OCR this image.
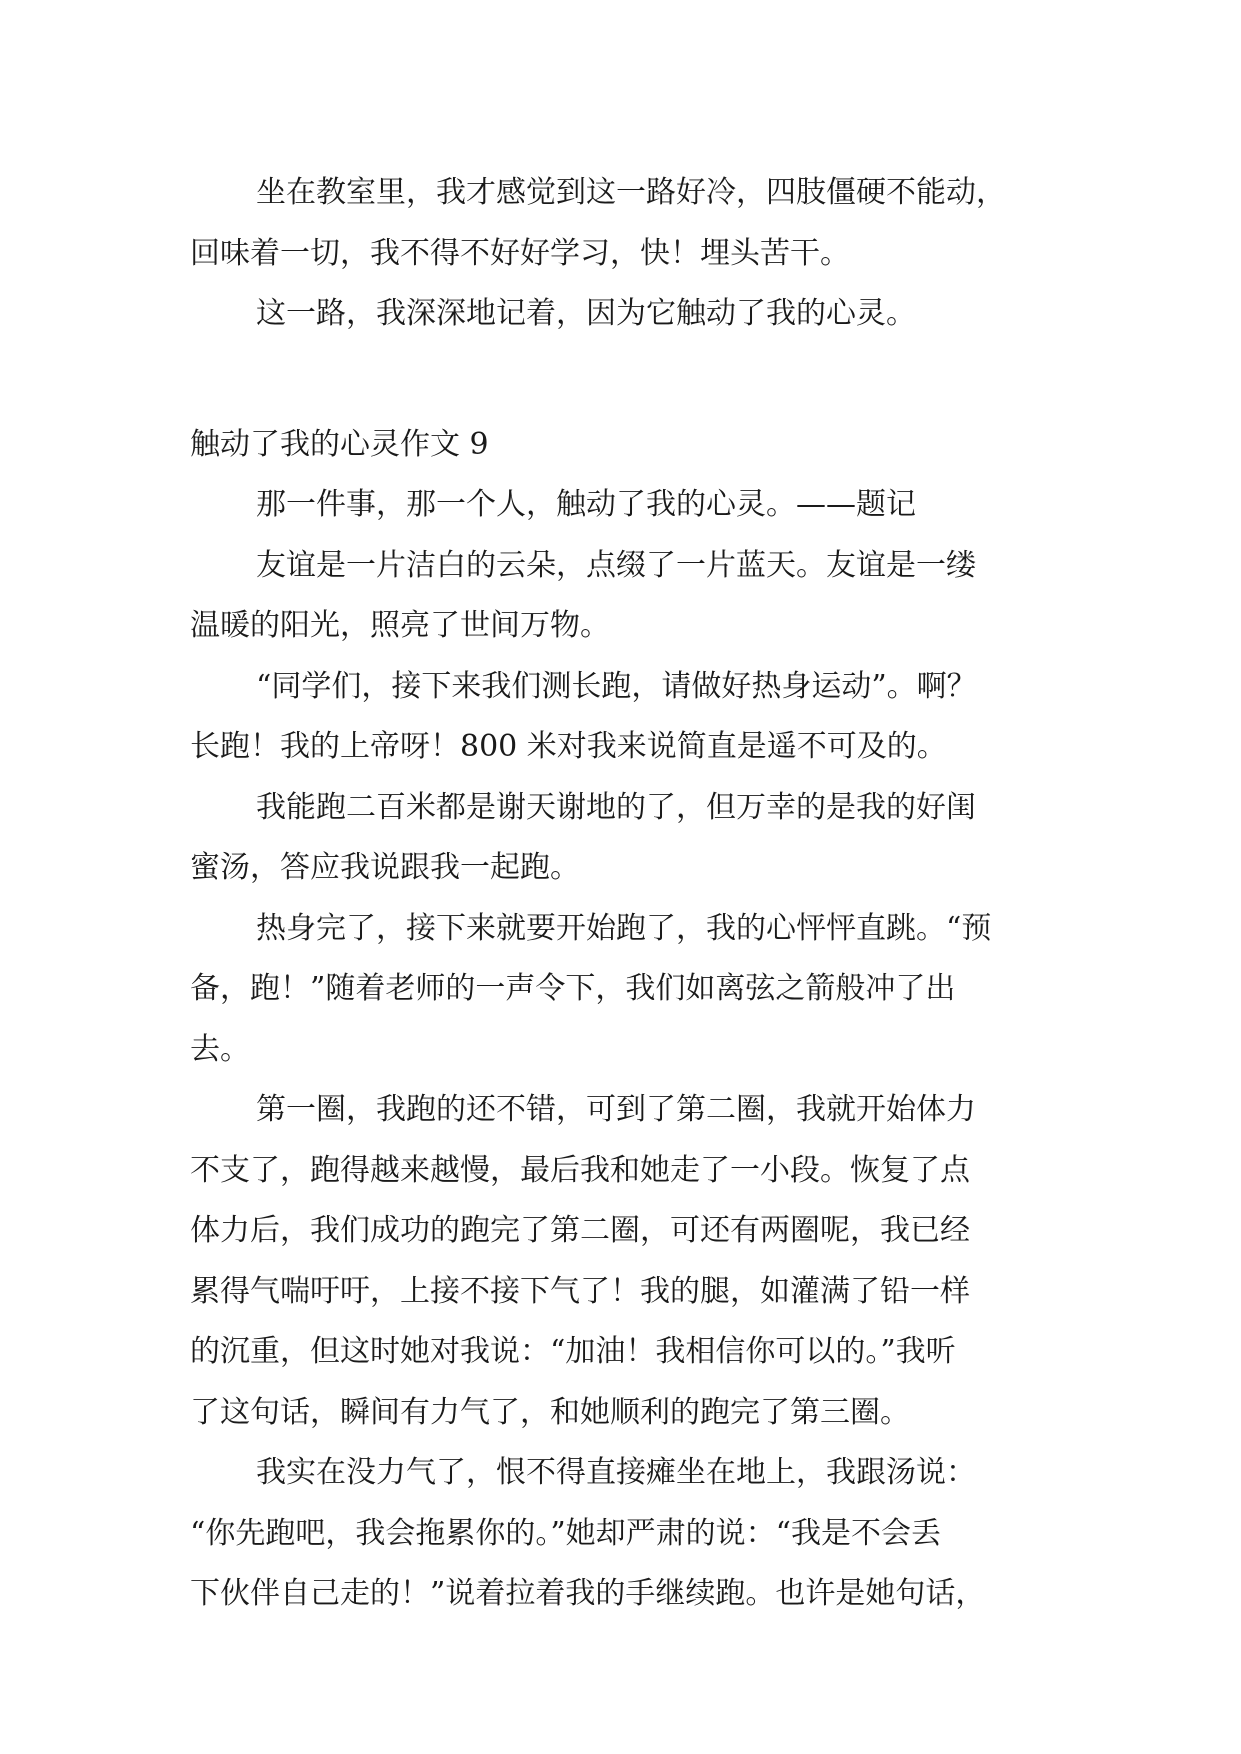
坐在教室里，我才感觉到这一路好冷，四肢僵硬不能动，

回味着一切，我不得不好好学习，快！埋头苦干。

这一路，我深深地记着，因为它触动了我的心灵。

触动了我的心灵作文 9

那一件事，那一个人，触动了我的心灵。——题记

友谊是一片洁白的云朵，点缀了一片蓝天。友谊是一缕

温暖的阳光，照亮了世间万物。

“同学们，接下来我们测长跑，请做好热身运动”。啊？

长跑！我的上帝呀！800 米对我来说简直是遥不可及的。

我能跑二百米都是谢天谢地的了，但万幸的是我的好闺

蜜汤，答应我说跟我一起跑。

热身完了，接下来就要开始跑了，我的心怦怦直跳。“预

备，跑！”随着老师的一声令下，我们如离弦之箭般冲了出

去。

第一圈，我跑的还不错，可到了第二圈，我就开始体力

不支了，跑得越来越慢，最后我和她走了一小段。恢复了点

体力后，我们成功的跑完了第二圈，可还有两圈呢，我已经

累得气喘吁吁，上接不接下气了！我的腿，如灌满了铅一样

的沉重，但这时她对我说：“加油！我相信你可以的。”我听

了这句话，瞬间有力气了，和她顺利的跑完了第三圈。

我实在没力气了，恨不得直接瘫坐在地上，我跟汤说：

“你先跑吧，我会拖累你的。”她却严肃的说：“我是不会丢

下伙伴自己走的！”说着拉着我的手继续跑。也许是她句话，
